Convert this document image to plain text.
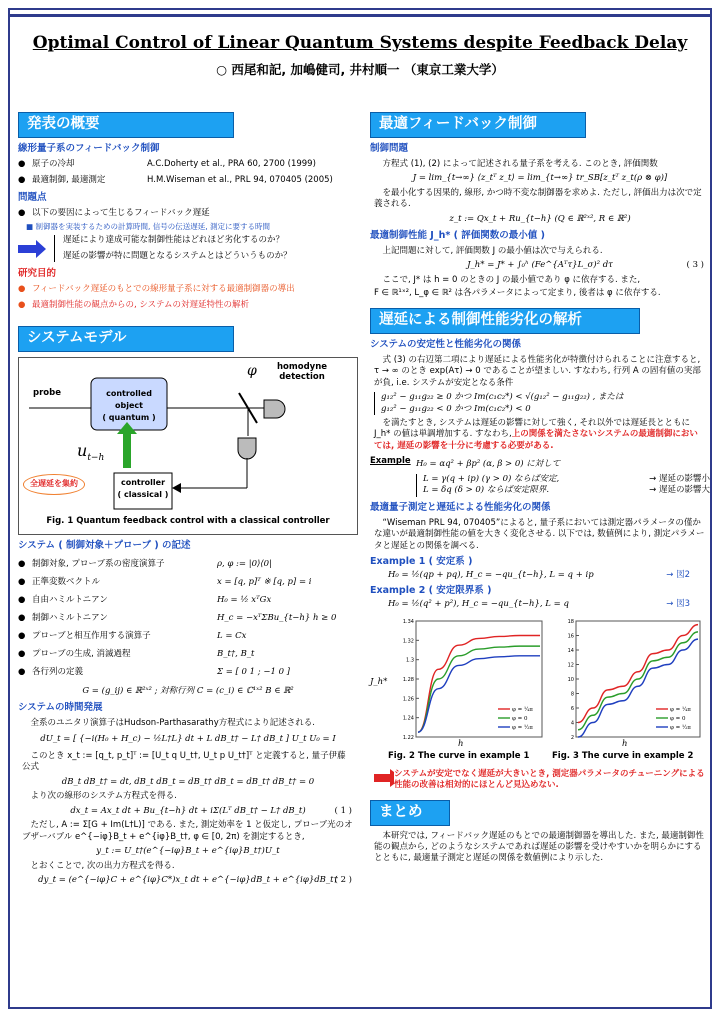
Optimal Control of Linear Quantum Systems despite Feedback Delay
○ 西尾和記, 加嶋健司, 井村順一 （東京工業大学）
発表の概要
線形量子系のフィードバック制御
● 原子の冷却	A.C.Doherty et al., PRA 60, 2700 (1999)
● 最適制御, 最適測定	H.M.Wiseman et al., PRL 94, 070405 (2005)
問題点
● 以下の要因によって生じるフィードバック遅延
■ 制御器を実装するための計算時間, 信号の伝送遅延, 測定に要する時間
遅延により達成可能な制御性能はどれほど劣化するのか？
遅延の影響が特に問題となるシステムとはどういうものか？
研究目的
● フィードバック遅延のもとでの線形量子系に対する最適制御器の導出
● 最適制御性能の観点からの, システムの対遅延特性の解析
システムモデル
φ homodyne
detection
probe	controlled object
( quantum )
$u_{t-h}$
controller
( classical )
全遅延を集約
Fig. 1 Quantum feedback control with a classical controller
システム ( 制御対象＋プローブ ) の記述
● 制御対象, プローブ系の密度演算子	ρ, φ := |0⟩⟨0|
● 正準変数ベクトル	x = [q, p]ᵀ ※ [q, p] = i
● 自由ハミルトニアン	H₀ = ½ xᵀGx
● 制御ハミルトニアン	H_c = −xᵀΣBu_{t−h} h ≥ 0
● プローブと相互作用する演算子	L = Cx
● プローブの生成, 消滅過程	B_t†, B_t
● 各行列の定義	Σ = [ 0 1 ; −1 0 ]
G = (g_ij) ∈ ℝ²ˣ² ; 対称行列 C = (c_i) ∈ ℂ¹ˣ² B ∈ ℝ²
システムの時間発展
全系のユニタリ演算子はHudson-Parthasarathy方程式により記述される.
dU_t = [ {−i(H₀ + H_c) − ½L†L} dt + L dB_t† − L† dB_t ] U_t U₀ = I
このとき x_t := [q_t, p_t]ᵀ := [U_t q U_t†, U_t p U_t†]ᵀ と定義すると, 量子伊藤公式
dB_t dB_t† = dt, dB_t dB_t = dB_t† dB_t = dB_t† dB_t† = 0
より次の線形のシステム方程式を得る.
dx_t = Ax_t dt + Bu_{t−h} dt + iΣ(Lᵀ dB_t† − L† dB_t)	( 1 )
ただし, A := Σ[G + Im(L†L)] である. また, 測定効率を 1 と仮定し, プローブ光のオブザーバブル e^{−iφ}B_t + e^{iφ}B_t†, φ ∈ [0, 2π) を測定するとき,
y_t := U_t†(e^{−iφ}B_t + e^{iφ}B_t†)U_t
とおくことで, 次の出力方程式を得る.
dy_t = (e^{−iφ}C + e^{iφ}C*)x_t dt + e^{−iφ}dB_t + e^{iφ}dB_t†
( 2 )
最適フィードバック制御
制御問題
方程式 (1), (2) によって記述される量子系を考える. このとき, 評価関数
J = lim_{t→∞} ⟨z_tᵀ z_t⟩ = lim_{t→∞} tr_SB[z_tᵀ z_t(ρ ⊗ φ)]
を最小化する因果的, 線形, かつ時不変な制御器を求めよ. ただし, 評価出力は次で定義される.
z_t := Qx_t + Ru_{t−h} (Q ∈ ℝ²ˣ², R ∈ ℝ²)
最適制御性能 J_h* ( 評価関数の最小値 )
上記問題に対して, 評価関数 J の最小値は次で与えられる.
J_h* = J* + ∫₀ʰ (Fe^{Aᵀτ}L_σ)² dτ	( 3 )
ここで, J* は h = 0 のときの J の最小値であり φ に依存する. また,
F ∈ ℝ¹ˣ², L_φ ∈ ℝ² は各パラメータによって定まり, 後者は φ に依存する.
遅延による制御性能劣化の解析
システムの安定性と性能劣化の関係
式 (3) の右辺第二項により遅延による性能劣化が特徴付けられることに注意すると, τ → ∞ のとき exp(Aτ) → 0 であることが望ましい. すなわち, 行列 A の固有値の実部が負, i.e. システムが安定となる条件
g₁₂² − g₁₁g₂₂ ≥ 0 かつ Im(c₁c₂*) < √(g₁₂² − g₁₁g₂₂) , または
g₁₂² − g₁₁g₂₂ < 0 かつ Im(c₁c₂*) < 0
を満たすとき, システムは遅延の影響に対して強く, それ以外では遅延長とともに J_h* の値は単調増加する. すなわち,上の関係を満たさないシステムの最適制御においては, 遅延の影響を十分に考慮する必要がある.
Example H₀ = αq² + βp² (α, β > 0) に対して
L = γ(q + ip) (γ > 0) ならば安定,	→ 遅延の影響小
L = δq (δ > 0) ならば安定限界.	→ 遅延の影響大
最適量子測定と遅延による性能劣化の関係
“Wiseman PRL 94, 070405”によると, 量子系においては測定器パラメータの僅かな違いが最適制御性能の値を大きく変化させる. 以下では, 数値例により, 測定パラメータと遅延との関係を調べる.
Example 1 ( 安定系 )
H₀ = ½(qp + pq), H_c = −qu_{t−h}, L = q + ip	→ 図2
Example 2 ( 安定限界系 )
H₀ = ½(q² + p²), H_c = −qu_{t−h}, L = q	→ 図3
J_h*
1.34
1.32
1.3
1.28
1.26
1.24
1.22
φ = ¼π
φ = 0
φ = ½π
18
16
14
12
10
8
6
4
2
φ = ¼π
φ = 0
φ = ½π
h	h
Fig. 2 The curve in example 1	Fig. 3 The curve in example 2
システムが安定でなく遅延が大きいとき, 測定器パラメータのチューニングによる性能の改善は相対的にほとんど見込めない.
まとめ
本研究では, フィードバック遅延のもとでの最適制御器を導出した. また, 最適制御性能の観点から, どのようなシステムであれば遅延の影響を受けやすいかを明らかにするとともに, 最適量子測定と遅延の関係を数値例により示した.
